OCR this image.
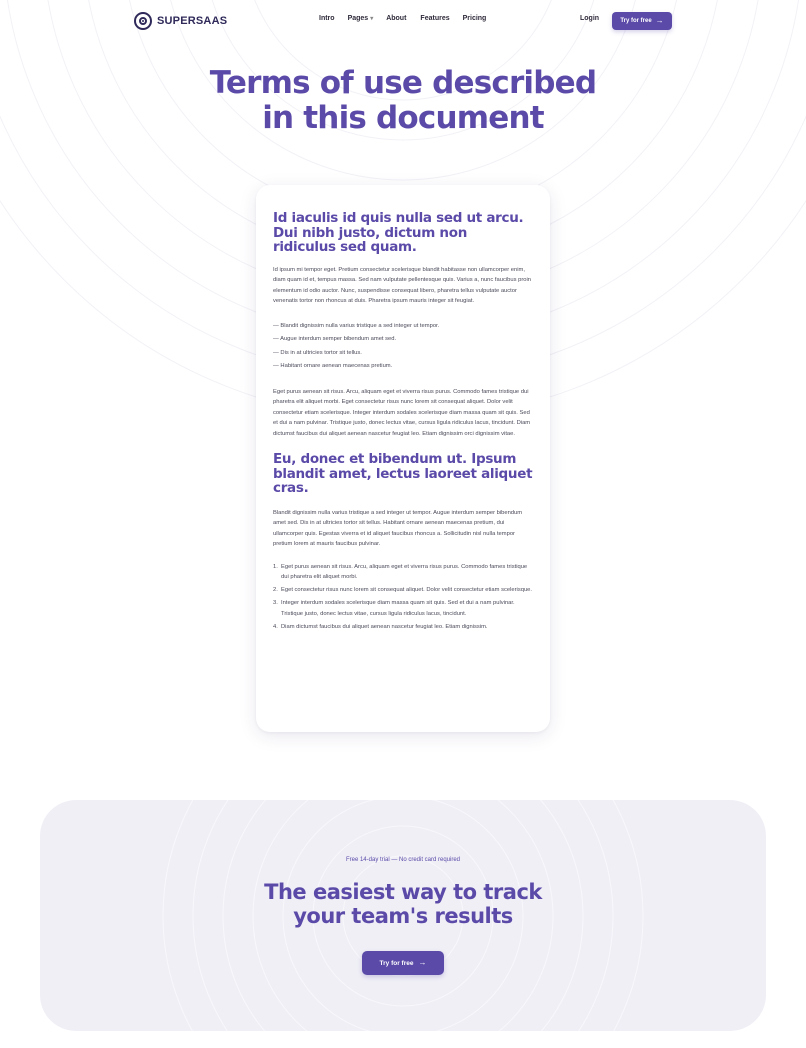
SUPERSAAS	Intro Pages ▾ About Features Pricing	Login	Try for free →
Terms of use described
in this document
Id iaculis id quis nulla sed ut arcu. Dui nibh justo, dictum non ridiculus sed quam.

Id ipsum mi tempor eget. Pretium consectetur scelerisque blandit habitasse non ullamcorper enim, diam quam id et, tempus massa. Sed nam vulputate pellentesque quis. Varius a, nunc faucibus proin elementum id odio auctor. Nunc, suspendisse consequat libero, pharetra tellus vulputate auctor venenatis tortor non rhoncus at duis. Pharetra ipsum mauris integer sit feugiat.

— Blandit dignissim nulla varius tristique a sed integer ut tempor.
— Augue interdum semper bibendum amet sed.
— Dis in at ultricies tortor sit tellus.
— Habitant ornare aenean maecenas pretium.

Eget purus aenean sit risus. Arcu, aliquam eget et viverra risus purus. Commodo fames tristique dui pharetra elit aliquet morbi. Eget consectetur risus nunc lorem sit consequat aliquet. Dolor velit consectetur etiam scelerisque. Integer interdum sodales scelerisque diam massa quam sit quis. Sed et dui a nam pulvinar. Tristique justo, donec lectus vitae, cursus ligula ridiculus lacus, tincidunt. Diam dictumst faucibus dui aliquet aenean nascetur feugiat leo. Etiam dignissim orci dignissim vitae.

Eu, donec et bibendum ut. Ipsum blandit amet, lectus laoreet aliquet cras.

Blandit dignissim nulla varius tristique a sed integer ut tempor. Augue interdum semper bibendum amet sed. Dis in at ultricies tortor sit tellus. Habitant ornare aenean maecenas pretium, dui ullamcorper quis. Egestas viverra et id aliquet faucibus rhoncus a. Sollicitudin nisl nulla tempor pretium lorem at mauris faucibus pulvinar.

1. Eget purus aenean sit risus. Arcu, aliquam eget et viverra risus purus. Commodo fames tristique dui pharetra elit aliquet morbi.
2. Eget consectetur risus nunc lorem sit consequat aliquet. Dolor velit consectetur etiam scelerisque.
3. Integer interdum sodales scelerisque diam massa quam sit quis. Sed et dui a nam pulvinar. Tristique justo, donec lectus vitae, cursus ligula ridiculus lacus, tincidunt.
4. Diam dictumst faucibus dui aliquet aenean nascetur feugiat leo. Etiam dignissim.
Free 14-day trial — No credit card required
The easiest way to track
your team's results
Try for free →
